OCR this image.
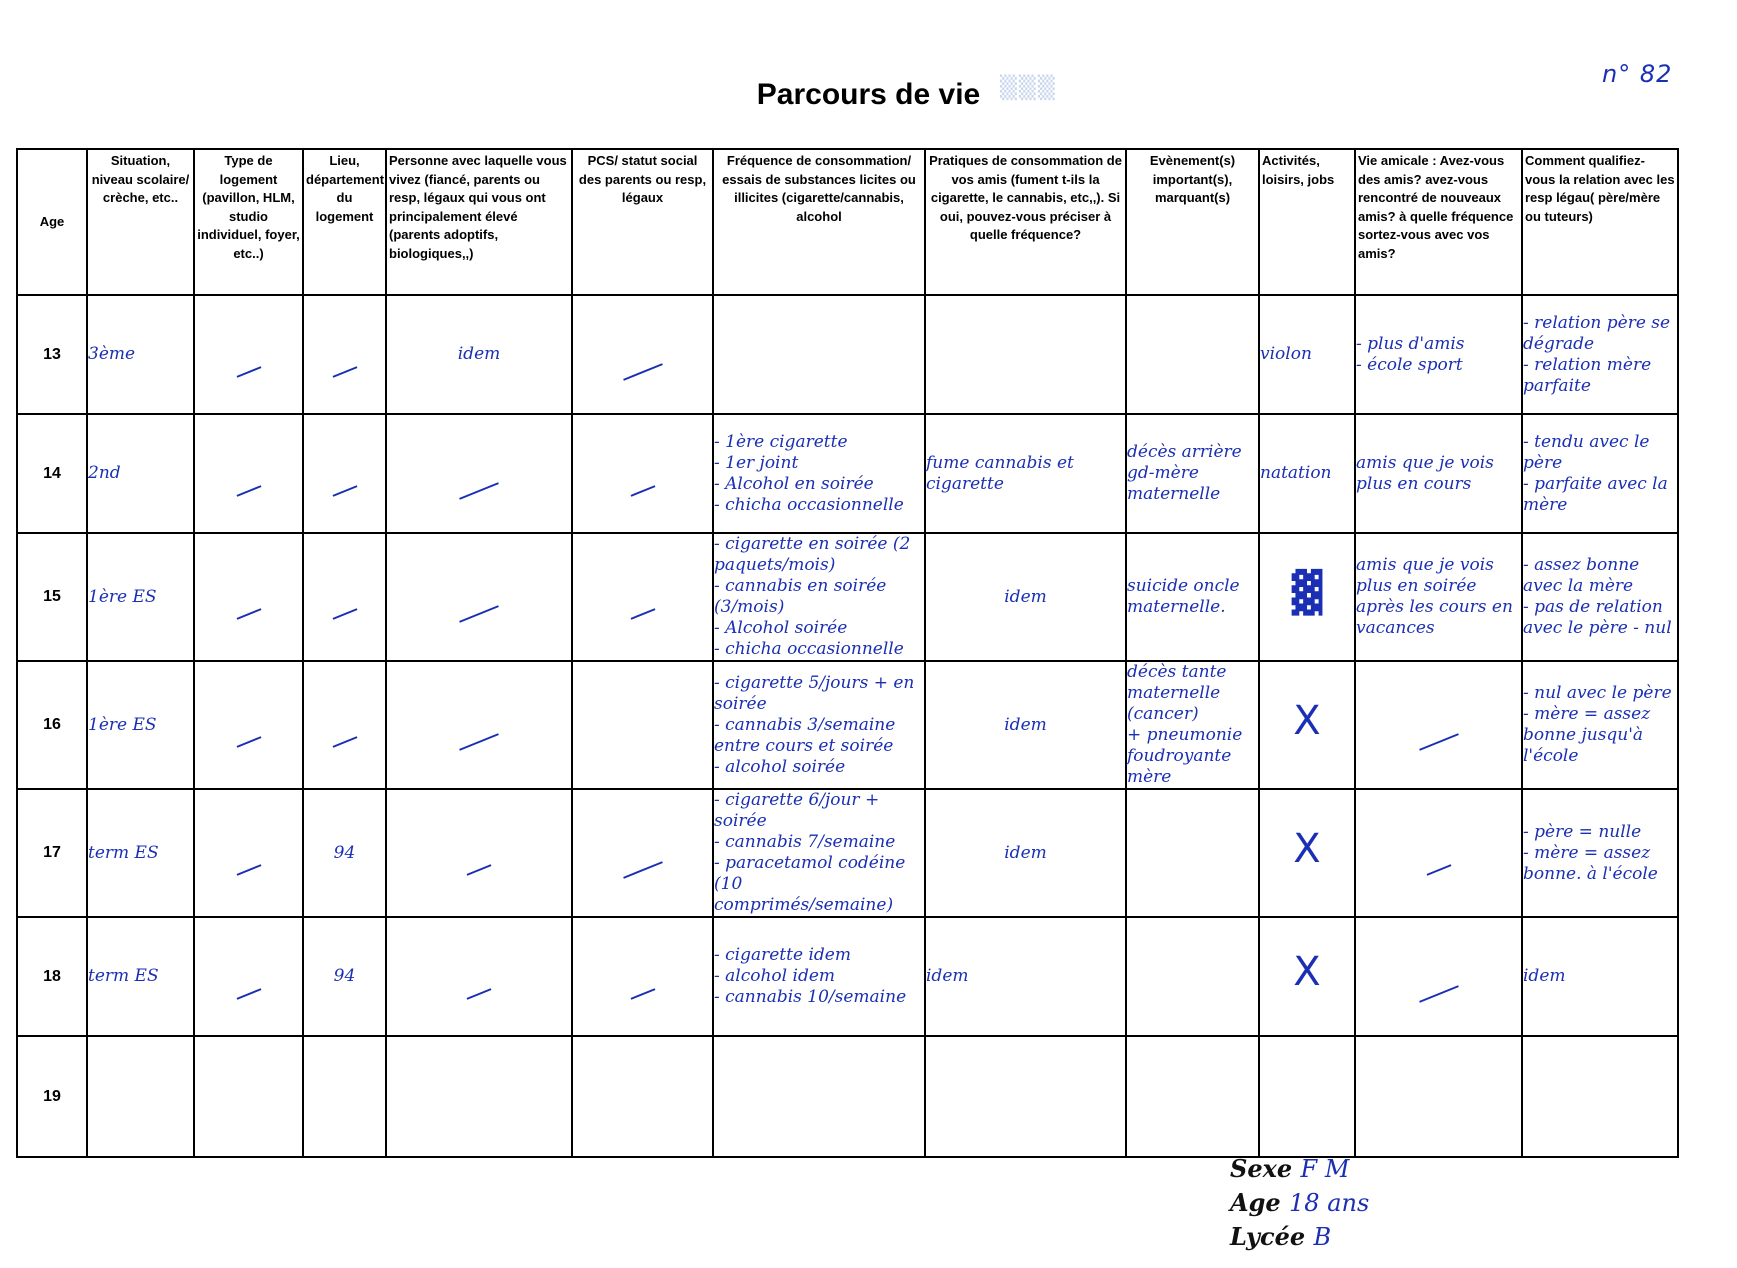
Parcours de vie ▒▒▒
n° 82
Age	Situation, niveau scolaire/ crèche, etc..	Type de logement (pavillon, HLM, studio individuel, foyer, etc..)	Lieu, département du logement	Personne avec laquelle vous vivez (fiancé, parents ou resp, légaux qui vous ont principalement élevé (parents adoptifs, biologiques,,)	PCS/ statut social des parents ou resp, légaux	Fréquence de consommation/ essais de substances licites ou illicites (cigarette/cannabis, alcohol	Pratiques de consommation de vos amis (fument t-ils la cigarette, le cannabis, etc,,). Si oui, pouvez-vous préciser à quelle fréquence?	Evènement(s) important(s), marquant(s)	Activités, loisirs, jobs	Vie amicale : Avez-vous des amis? avez-vous rencontré de nouveaux amis? à quelle fréquence sortez-vous avec vos amis?	Comment qualifiez-vous la relation avec les resp légau( père/mère ou tuteurs)
13	3ème			idem					violon	- plus d'amis
- école sport	- relation père se dégrade
- relation mère parfaite
14	2nd					- 1ère cigarette
- 1er joint
- Alcohol en soirée
- chicha occasionnelle	fume cannabis et cigarette	décès arrière gd-mère maternelle	natation	amis que je vois plus en cours	- tendu avec le père
- parfaite avec la mère
15	1ère ES					- cigarette en soirée (2 paquets/mois)
- cannabis en soirée (3/mois)
- Alcohol soirée
- chicha occasionnelle	idem	suicide oncle maternelle.	▓	amis que je vois plus en soirée après les cours en vacances	- assez bonne avec la mère
- pas de relation avec le père - nul
16	1ère ES					- cigarette 5/jours + en soirée
- cannabis 3/semaine entre cours et soirée
- alcohol soirée	idem	décès tante maternelle (cancer)
+ pneumonie foudroyante mère	X		- nul avec le père
- mère = assez bonne jusqu'à l'école
17	term ES		94			- cigarette 6/jour + soirée
- cannabis 7/semaine
- paracetamol codéine (10 comprimés/semaine)	idem		X		- père = nulle
- mère = assez bonne. à l'école
18	term ES		94			- cigarette idem
- alcohol idem
- cannabis 10/semaine	idem		X		idem
19											
Sexe F M
Age 18 ans
Lycée B
